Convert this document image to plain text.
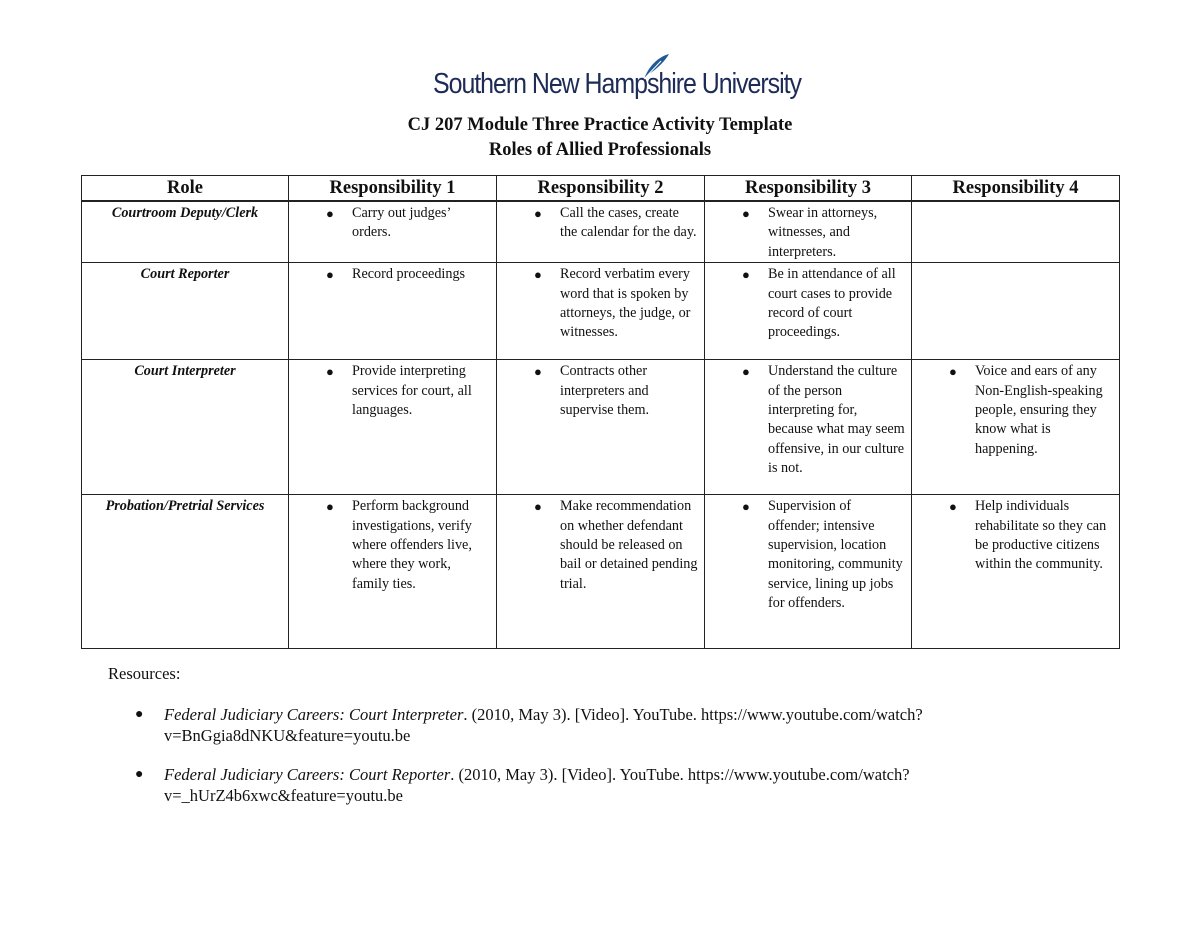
Southern New Hampshire University
CJ 207 Module Three Practice Activity Template
Roles of Allied Professionals
Role	Responsibility 1	Responsibility 2	Responsibility 3	Responsibility 4
Courtroom Deputy/Clerk	● Carry out judges’ orders.	● Call the cases, create the calendar for the day.	● Swear in attorneys, witnesses, and interpreters.	

Court Reporter	● Record proceedings	● Record verbatim every word that is spoken by attorneys, the judge, or witnesses.	● Be in attendance of all court cases to provide record of court proceedings.	

Court Interpreter	● Provide interpreting services for court, all languages.	● Contracts other interpreters and supervise them.	● Understand the culture of the person interpreting for, because what may seem offensive, in our culture is not.	● Voice and ears of any Non-English-speaking people, ensuring they know what is happening.

Probation/Pretrial Services	● Perform background investigations, verify where offenders live, where they work, family ties.	● Make recommendation on whether defendant should be released on bail or detained pending trial.	● Supervision of offender; intensive supervision, location monitoring, community service, lining up jobs for offenders.	● Help individuals rehabilitate so they can be productive citizens within the community.
Resources:
● Federal Judiciary Careers: Court Interpreter. (2010, May 3). [Video]. YouTube. https://www.youtube.com/watch?v=BnGgia8dNKU&feature=youtu.be
● Federal Judiciary Careers: Court Reporter. (2010, May 3). [Video]. YouTube. https://www.youtube.com/watch?v=_hUrZ4b6xwc&feature=youtu.be
